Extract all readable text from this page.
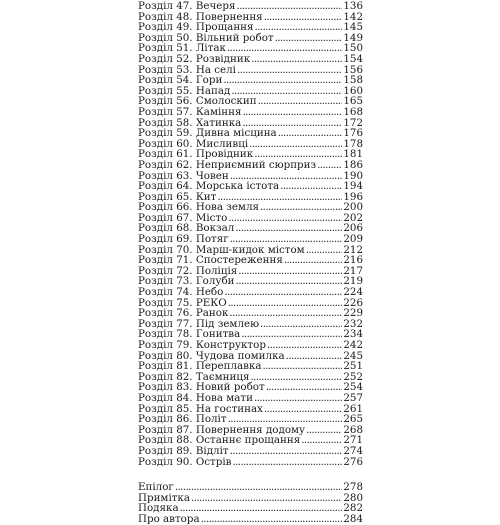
Розділ 47. Вечеря .....	136
Розділ 48. Повернення .....	142
Розділ 49. Прощання .....	145
Розділ 50. Вільний робот .....	149
Розділ 51. Літак .....	150
Розділ 52. Розвідник .....	154
Розділ 53. На селі .....	156
Розділ 54. Гори .....	158
Розділ 55. Напад .....	160
Розділ 56. Смолоскип .....	165
Розділ 57. Каміння .....	168
Розділ 58. Хатинка .....	172
Розділ 59. Дивна місцина .....	176
Розділ 60. Мисливці .....	178
Розділ 61. Провідник .....	181
Розділ 62. Неприємний сюрприз .....	186
Розділ 63. Човен .....	190
Розділ 64. Морська істота .....	194
Розділ 65. Кит .....	196
Розділ 66. Нова земля .....	200
Розділ 67. Місто .....	202
Розділ 68. Вокзал .....	206
Розділ 69. Потяг .....	209
Розділ 70. Марш-кидок містом .....	212
Розділ 71. Спостереження .....	216
Розділ 72. Поліція .....	217
Розділ 73. Голуби .....	219
Розділ 74. Небо .....	224
Розділ 75. РЕКО .....	226
Розділ 76. Ранок .....	229
Розділ 77. Під землею .....	232
Розділ 78. Гонитва .....	234
Розділ 79. Конструктор .....	242
Розділ 80. Чудова помилка .....	245
Розділ 81. Переплавка .....	251
Розділ 82. Таємниця .....	252
Розділ 83. Новий робот .....	254
Розділ 84. Нова мати .....	257
Розділ 85. На гостинах .....	261
Розділ 86. Політ .....	265
Розділ 87. Повернення додому .....	268
Розділ 88. Останнє прощання .....	271
Розділ 89. Відліт .....	274
Розділ 90. Острів .....	276
Епілог .....	278
Примітка .....	280
Подяка .....	282
Про автора .....	284
